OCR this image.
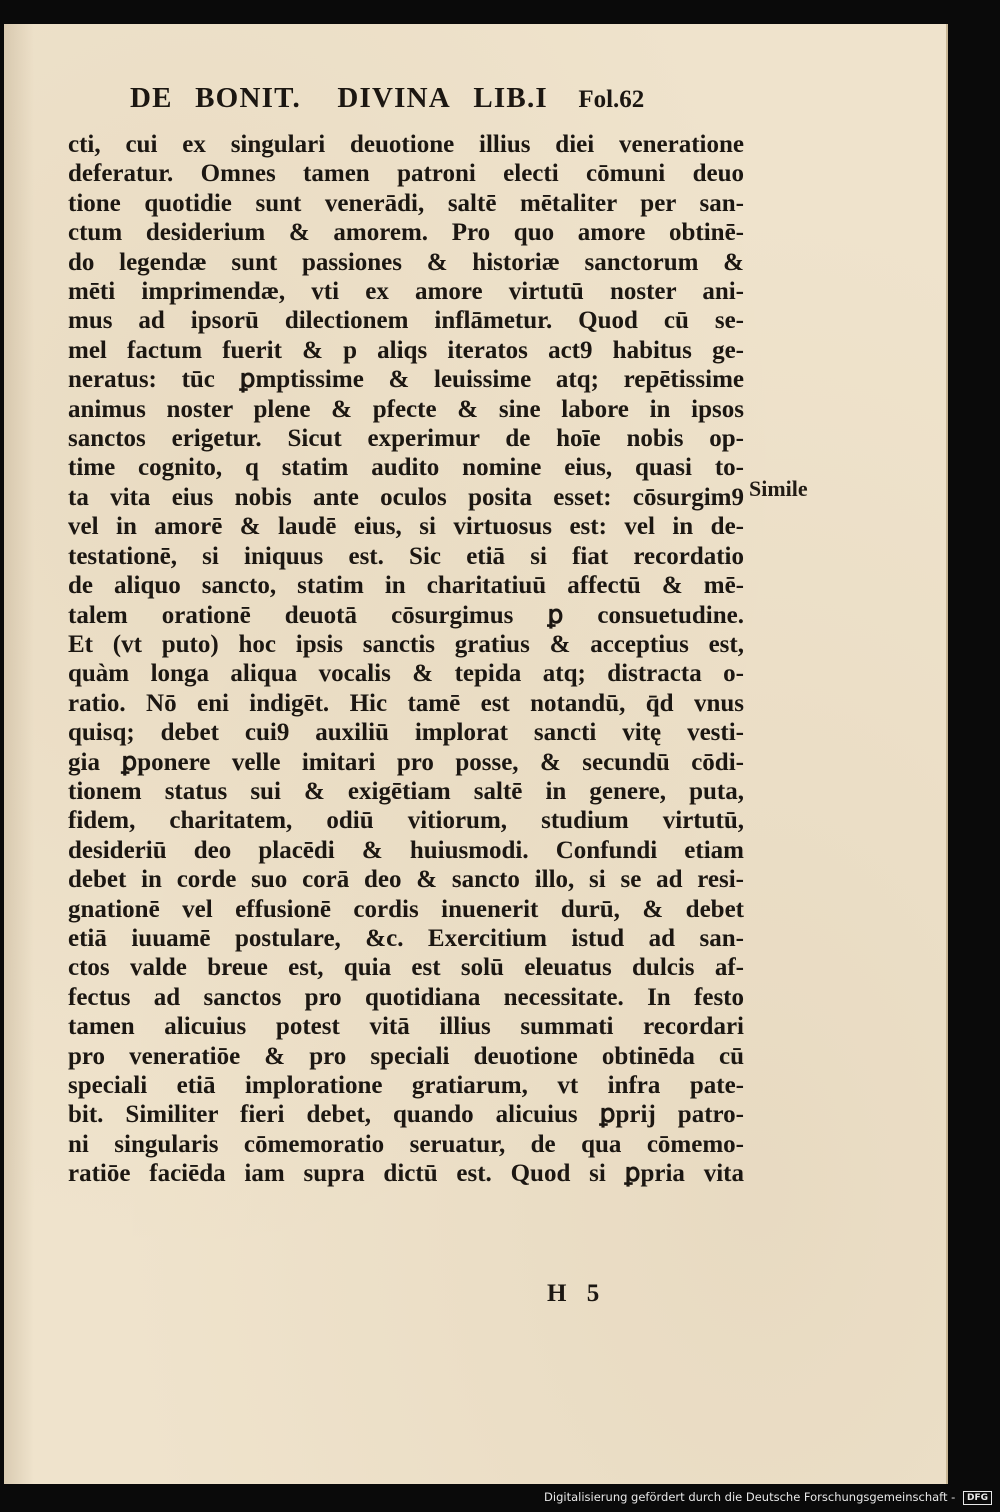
DE BONIT. DIVINA LIB.I Fol.62
cti, cui ex singulari deuotione illius diei veneratione
deferatur. Omnes tamen patroni electi cōmuni deuo
tione quotidie sunt venerādi, saltē mētaliter per san-
ctum desiderium & amorem. Pro quo amore obtinē-
do legendæ sunt passiones & historiæ sanctorum &
mēti imprimendæ, vti ex amore virtutū noster ani-
mus ad ipsorū dilectionem inflāmetur. Quod cū se-
mel factum fuerit & p aliqs iteratos act9 habitus ge-
neratus: tūc ꝑmptissime & leuissime atq; repētissime
animus noster plene & pfecte & sine labore in ipsos
sanctos erigetur. Sicut experimur de hoīe nobis op-
time cognito, q statim audito nomine eius, quasi to-
ta vita eius nobis ante oculos posita esset: cōsurgim9
vel in amorē & laudē eius, si virtuosus est: vel in de-
testationē, si iniquus est. Sic etiā si fiat recordatio
de aliquo sancto, statim in charitatiuū affectū & mē-
talem orationē deuotā cōsurgimus ꝑ consuetudine.
Et (vt puto) hoc ipsis sanctis gratius & acceptius est,
quàm longa aliqua vocalis & tepida atq; distracta o-
ratio. Nō eni indigēt. Hic tamē est notandū, q̄d vnus
quisq; debet cui9 auxiliū implorat sancti vitę vesti-
gia ꝑponere velle imitari pro posse, & secundū cōdi-
tionem status sui & exigētiam saltē in genere, puta,
fidem, charitatem, odiū vitiorum, studium virtutū,
desideriū deo placēdi & huiusmodi. Confundi etiam
debet in corde suo corā deo & sancto illo, si se ad resi-
gnationē vel effusionē cordis inuenerit durū, & debet
etiā iuuamē postulare, &c. Exercitium istud ad san-
ctos valde breue est, quia est solū eleuatus dulcis af-
fectus ad sanctos pro quotidiana necessitate. In festo
tamen alicuius potest vitā illius summati recordari
pro veneratiōe & pro speciali deuotione obtinēda cū
speciali etiā imploratione gratiarum, vt infra pate-
bit. Similiter fieri debet, quando alicuius ꝑprij patro-
ni singularis cōmemoratio seruatur, de qua cōmemo-
ratiōe faciēda iam supra dictū est. Quod si ꝑpria vita
Simile
H 5
Digitalisierung gefördert durch die Deutsche Forschungsgemeinschaft - DFG
